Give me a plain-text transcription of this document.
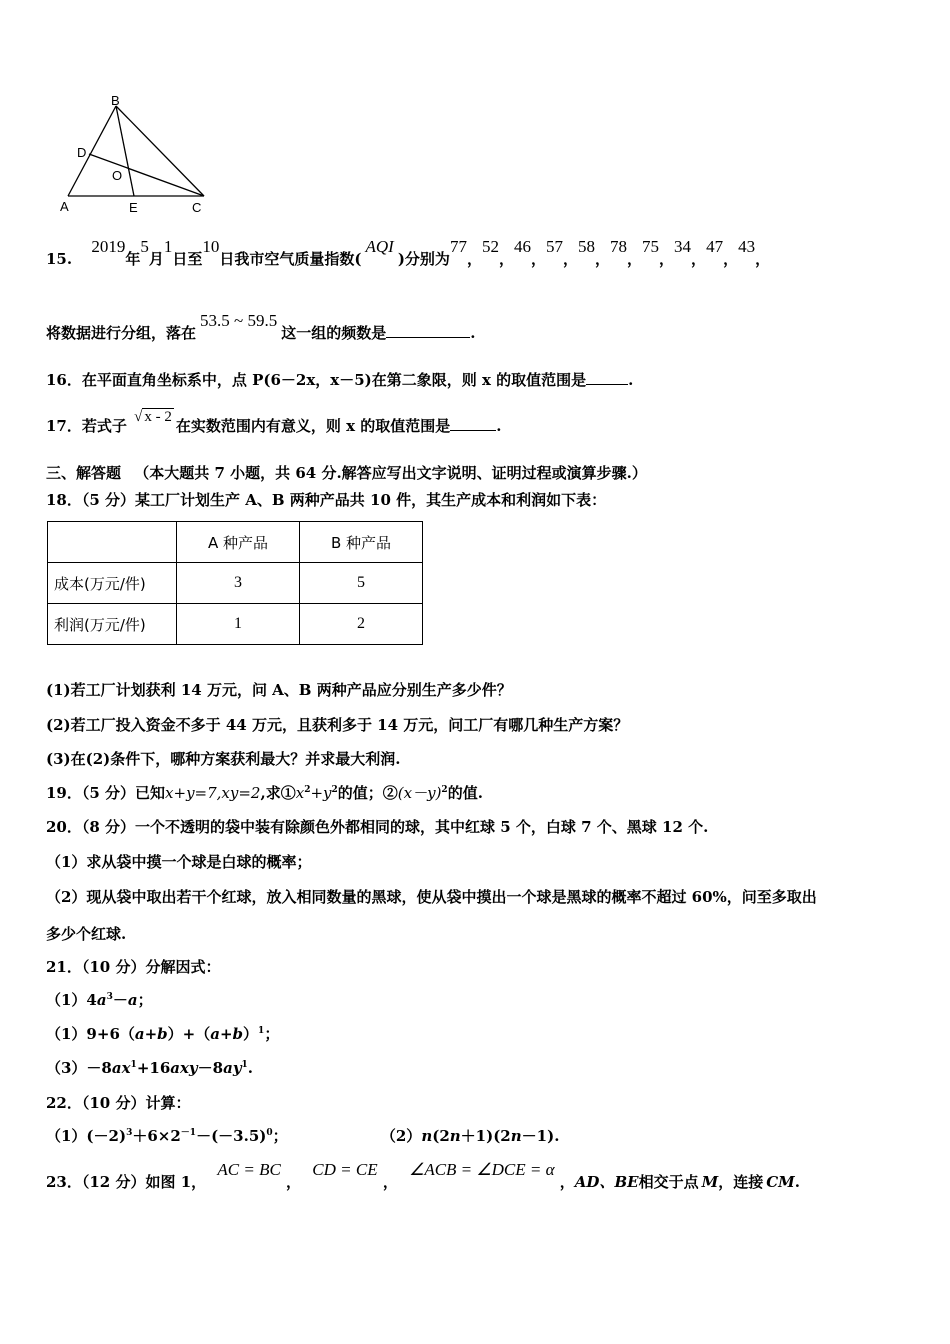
B
D
O
A	E	C
15. 2019年5月1日至10日我市空气质量指数(AQI)分别为77，52，46，57，58，78，75，34，47，43，
将数据进行分组，落在53.5 ~ 59.5这一组的频数是	.
16．在平面直角坐标系中，点 P(6－2x，x－5)在第二象限，则 x 的取值范围是	.
17．若式子 √ x - 2 在实数范围内有意义，则 x 的取值范围是	.
三、解答题 （本大题共 7 小题，共 64 分.解答应写出文字说明、证明过程或演算步骤.）
18．（5 分）某工厂计划生产 A、B 两种产品共 10 件，其生产成本和利润如下表：
	A 种产品	B 种产品
成本(万元/件)	3	5
利润(万元/件)	1	2
(1)若工厂计划获利 14 万元，问 A、B 两种产品应分别生产多少件？
(2)若工厂投入资金不多于 44 万元，且获利多于 14 万元，问工厂有哪几种生产方案？
(3)在(2)条件下，哪种方案获利最大？并求最大利润.
19．（5 分）已知x+y=7,xy=2,求$①x^2+y^2$的值；$②(x-y)^2$的值.
20．（8 分）一个不透明的袋中装有除颜色外都相同的球，其中红球 5 个，白球 7 个、黑球 12 个.
（1）求从袋中摸一个球是白球的概率；
（2）现从袋中取出若干个红球，放入相同数量的黑球，使从袋中摸出一个球是黑球的概率不超过 60%，问至多取出
多少个红球.
21．（10 分）分解因式：
$(1)4a^3-a$；
$(1)9+6(a+b)+(a+b)^1$；
$(3)-8ax^1+16axy-8ay^1$.
22．（10 分）计算：
$(1)(-2)^3+6\times 2^{-1}-(-3.5)^0$；	（2）n(2n＋1)(2n－1).
23．（12 分）如图 1， AC = BC ， CD = CE ， ∠ACB = ∠DCE = α ，AD、BE相交于点 M，连接 CM.
